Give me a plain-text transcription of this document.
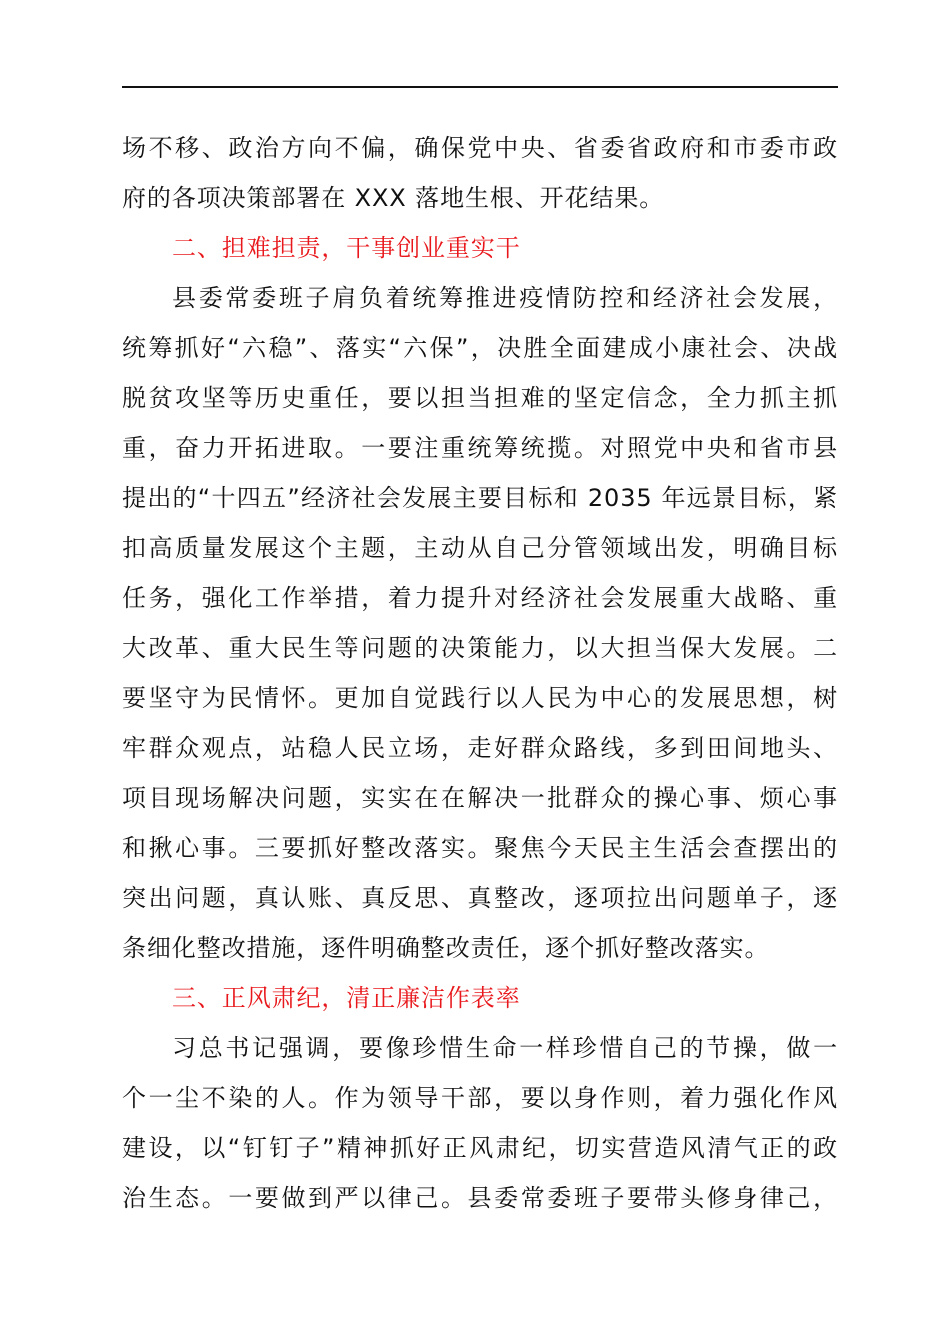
场不移、政治方向不偏，确保党中央、省委省政府和市委市政
府的各项决策部署在 XXX 落地生根、开花结果。
二、担难担责，干事创业重实干
县委常委班子肩负着统筹推进疫情防控和经济社会发展，
统筹抓好“六稳”、落实“六保”，决胜全面建成小康社会、决战
脱贫攻坚等历史重任，要以担当担难的坚定信念，全力抓主抓
重，奋力开拓进取。一要注重统筹统揽。对照党中央和省市县
提出的“十四五”经济社会发展主要目标和 2035 年远景目标，紧
扣高质量发展这个主题，主动从自己分管领域出发，明确目标
任务，强化工作举措，着力提升对经济社会发展重大战略、重
大改革、重大民生等问题的决策能力，以大担当保大发展。二
要坚守为民情怀。更加自觉践行以人民为中心的发展思想，树
牢群众观点，站稳人民立场，走好群众路线，多到田间地头、
项目现场解决问题，实实在在解决一批群众的操心事、烦心事
和揪心事。三要抓好整改落实。聚焦今天民主生活会查摆出的
突出问题，真认账、真反思、真整改，逐项拉出问题单子，逐
条细化整改措施，逐件明确整改责任，逐个抓好整改落实。
三、正风肃纪，清正廉洁作表率
习总书记强调，要像珍惜生命一样珍惜自己的节操，做一
个一尘不染的人。作为领导干部，要以身作则，着力强化作风
建设，以“钉钉子”精神抓好正风肃纪，切实营造风清气正的政
治生态。一要做到严以律己。县委常委班子要带头修身律己，
